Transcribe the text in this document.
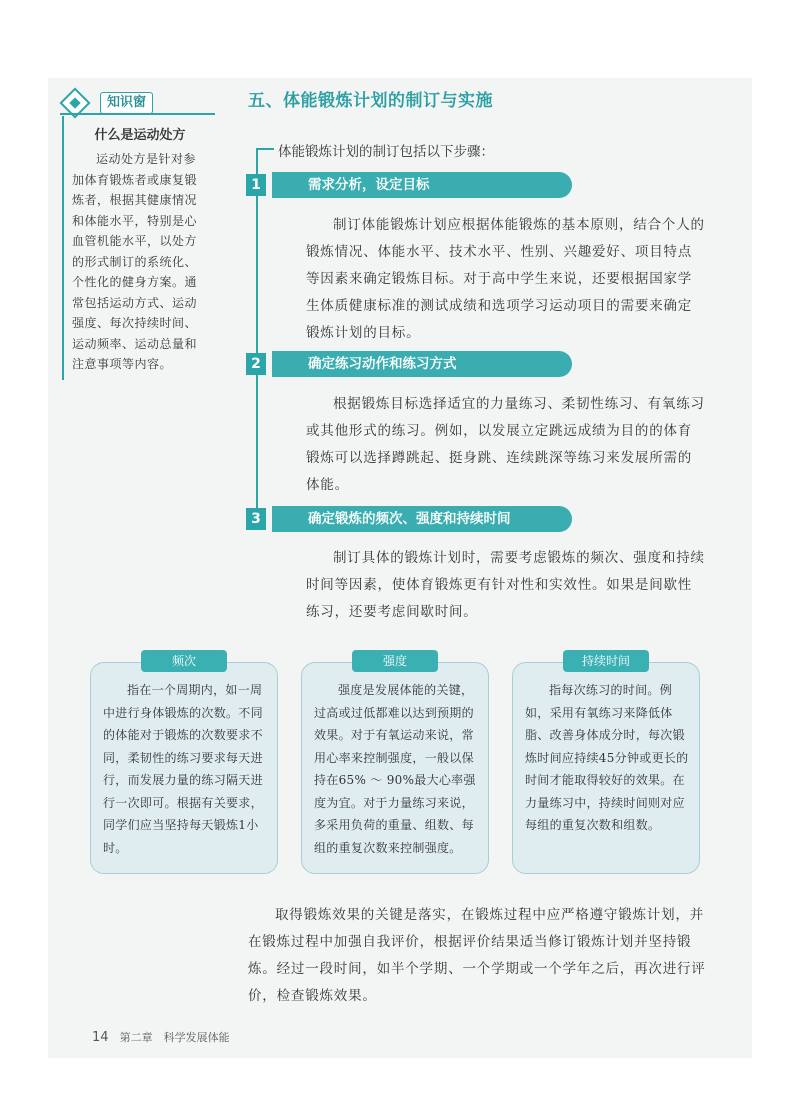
知识窗
什么是运动处方
运动处方是针对参加体育锻炼者或康复锻炼者，根据其健康情况和体能水平，特别是心血管机能水平，以处方的形式制订的系统化、个性化的健身方案。通常包括运动方式、运动强度、每次持续时间、运动频率、运动总量和注意事项等内容。
五、体能锻炼计划的制订与实施
体能锻炼计划的制订包括以下步骤：
1	需求分析，设定目标
制订体能锻炼计划应根据体能锻炼的基本原则，结合个人的锻炼情况、体能水平、技术水平、性别、兴趣爱好、项目特点等因素来确定锻炼目标。对于高中学生来说，还要根据国家学生体质健康标准的测试成绩和选项学习运动项目的需要来确定锻炼计划的目标。
2	确定练习动作和练习方式
根据锻炼目标选择适宜的力量练习、柔韧性练习、有氧练习或其他形式的练习。例如，以发展立定跳远成绩为目的的体育锻炼可以选择蹲跳起、挺身跳、连续跳深等练习来发展所需的体能。
3	确定锻炼的频次、强度和持续时间
制订具体的锻炼计划时，需要考虑锻炼的频次、强度和持续时间等因素，使体育锻炼更有针对性和实效性。如果是间歇性练习，还要考虑间歇时间。
频次
指在一个周期内，如一周中进行身体锻炼的次数。不同的体能对于锻炼的次数要求不同，柔韧性的练习要求每天进行，而发展力量的练习隔天进行一次即可。根据有关要求，同学们应当坚持每天锻炼1小时。
强度
强度是发展体能的关键，过高或过低都难以达到预期的效果。对于有氧运动来说，常用心率来控制强度，一般以保持在65% ～ 90%最大心率强度为宜。对于力量练习来说，多采用负荷的重量、组数、每组的重复次数来控制强度。
持续时间
指每次练习的时间。例如，采用有氧练习来降低体脂、改善身体成分时，每次锻炼时间应持续45分钟或更长的时间才能取得较好的效果。在力量练习中，持续时间则对应每组的重复次数和组数。
取得锻炼效果的关键是落实，在锻炼过程中应严格遵守锻炼计划，并在锻炼过程中加强自我评价，根据评价结果适当修订锻炼计划并坚持锻炼。经过一段时间，如半个学期、一个学期或一个学年之后，再次进行评价，检查锻炼效果。
14 第二章　科学发展体能
